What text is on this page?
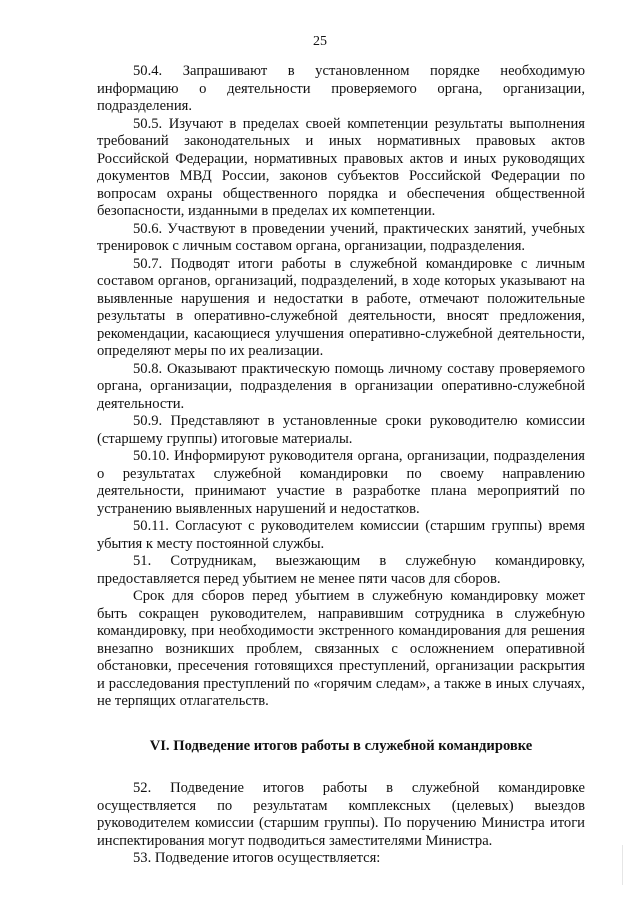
25

50.4. Запрашивают в установленном порядке необходимую информацию о деятельности проверяемого органа, организации, подразделения.

50.5. Изучают в пределах своей компетенции результаты выполнения требований законодательных и иных нормативных правовых актов Российской Федерации, нормативных правовых актов и иных руководящих документов МВД России, законов субъектов Российской Федерации по вопросам охраны общественного порядка и обеспечения общественной безопасности, изданными в пределах их компетенции.

50.6. Участвуют в проведении учений, практических занятий, учебных тренировок с личным составом органа, организации, подразделения.

50.7. Подводят итоги работы в служебной командировке с личным составом органов, организаций, подразделений, в ходе которых указывают на выявленные нарушения и недостатки в работе, отмечают положительные результаты в оперативно-служебной деятельности, вносят предложения, рекомендации, касающиеся улучшения оперативно-служебной деятельности, определяют меры по их реализации.

50.8. Оказывают практическую помощь личному составу проверяемого органа, организации, подразделения в организации оперативно-служебной деятельности.

50.9. Представляют в установленные сроки руководителю комиссии (старшему группы) итоговые материалы.

50.10. Информируют руководителя органа, организации, подразделения о результатах служебной командировки по своему направлению деятельности, принимают участие в разработке плана мероприятий по устранению выявленных нарушений и недостатков.

50.11. Согласуют с руководителем комиссии (старшим группы) время убытия к месту постоянной службы.

51. Сотрудникам, выезжающим в служебную командировку, предоставляется перед убытием не менее пяти часов для сборов.

Срок для сборов перед убытием в служебную командировку может быть сокращен руководителем, направившим сотрудника в служебную командировку, при необходимости экстренного командирования для решения внезапно возникших проблем, связанных с осложнением оперативной обстановки, пресечения готовящихся преступлений, организации раскрытия и расследования преступлений по «горячим следам», а также в иных случаях, не терпящих отлагательств.

VI. Подведение итогов работы в служебной командировке

52. Подведение итогов работы в служебной командировке осуществляется по результатам комплексных (целевых) выездов руководителем комиссии (старшим группы). По поручению Министра итоги инспектирования могут подводиться заместителями Министра.

53. Подведение итогов осуществляется:
